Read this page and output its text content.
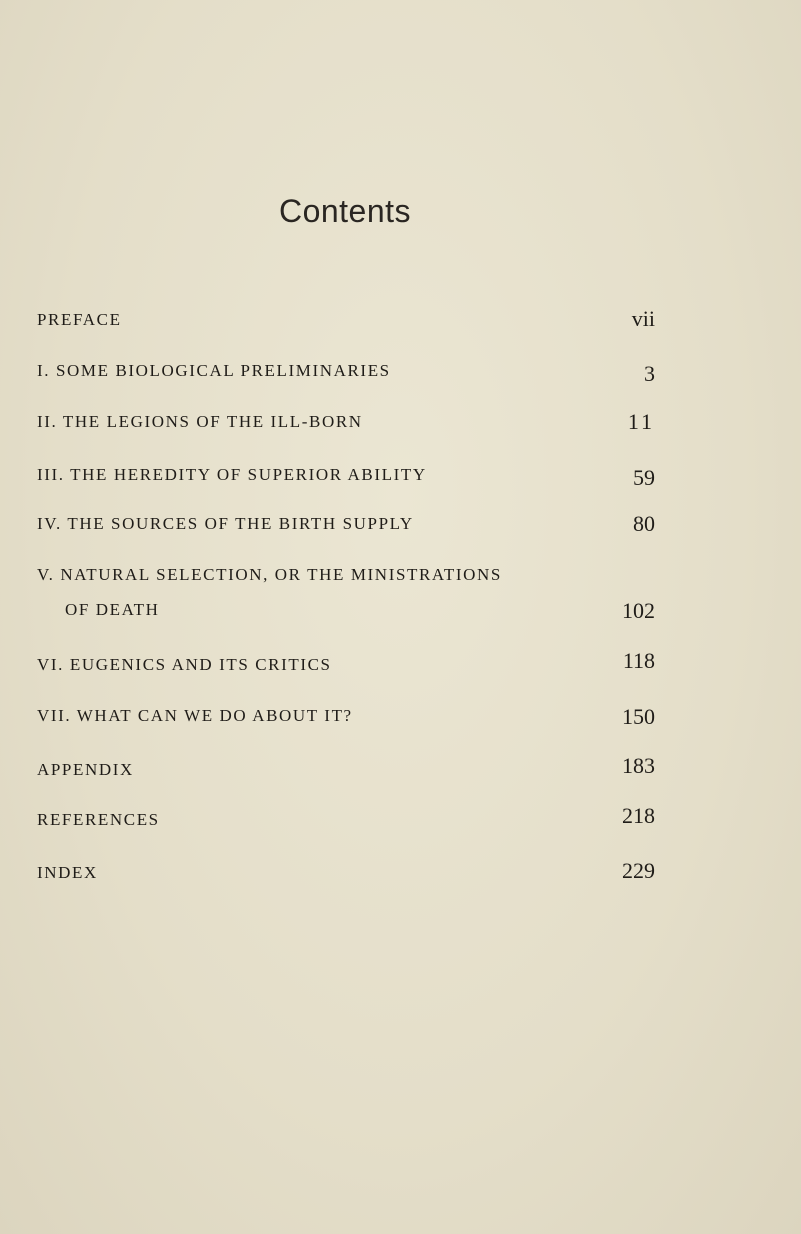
Contents
PREFACE	vii
I. SOME BIOLOGICAL PRELIMINARIES	3
II. THE LEGIONS OF THE ILL-BORN	11
III. THE HEREDITY OF SUPERIOR ABILITY	59
IV. THE SOURCES OF THE BIRTH SUPPLY	80
V. NATURAL SELECTION, OR THE MINISTRATIONS
OF DEATH	102
VI. EUGENICS AND ITS CRITICS	118
VII. WHAT CAN WE DO ABOUT IT?	150
APPENDIX	183
REFERENCES	218
INDEX	229
